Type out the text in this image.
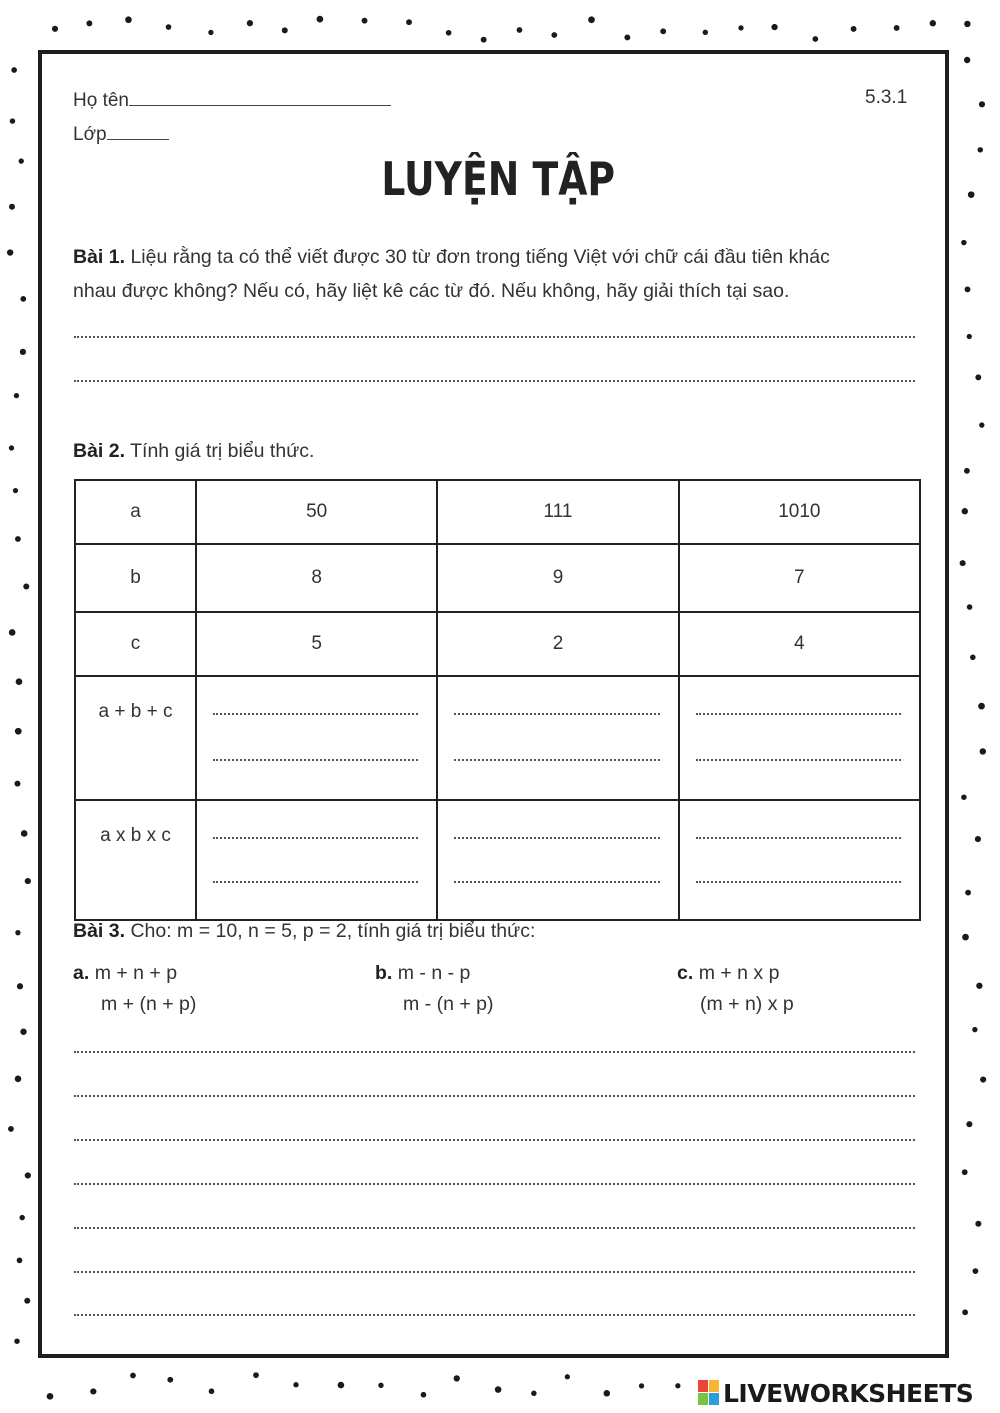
Họ tên
Lớp
5.3.1
LUYỆN TẬP
Bài 1. Liệu rằng ta có thể viết được 30 từ đơn trong tiếng Việt với chữ cái đầu tiên khác
nhau được không? Nếu có, hãy liệt kê các từ đó. Nếu không, hãy giải thích tại sao.
Bài 2. Tính giá trị biểu thức.
a	50	111	1010
b	8	9	7
c	5	2	4
a + b + c	

a x b x c	

Bài 3. Cho: m = 10, n = 5, p = 2, tính giá trị biểu thức:
a. m + n + p
m + (n + p)
b. m - n - p
m - (n + p)
c. m + n x p
(m + n) x p
LIVEWORKSHEETS
